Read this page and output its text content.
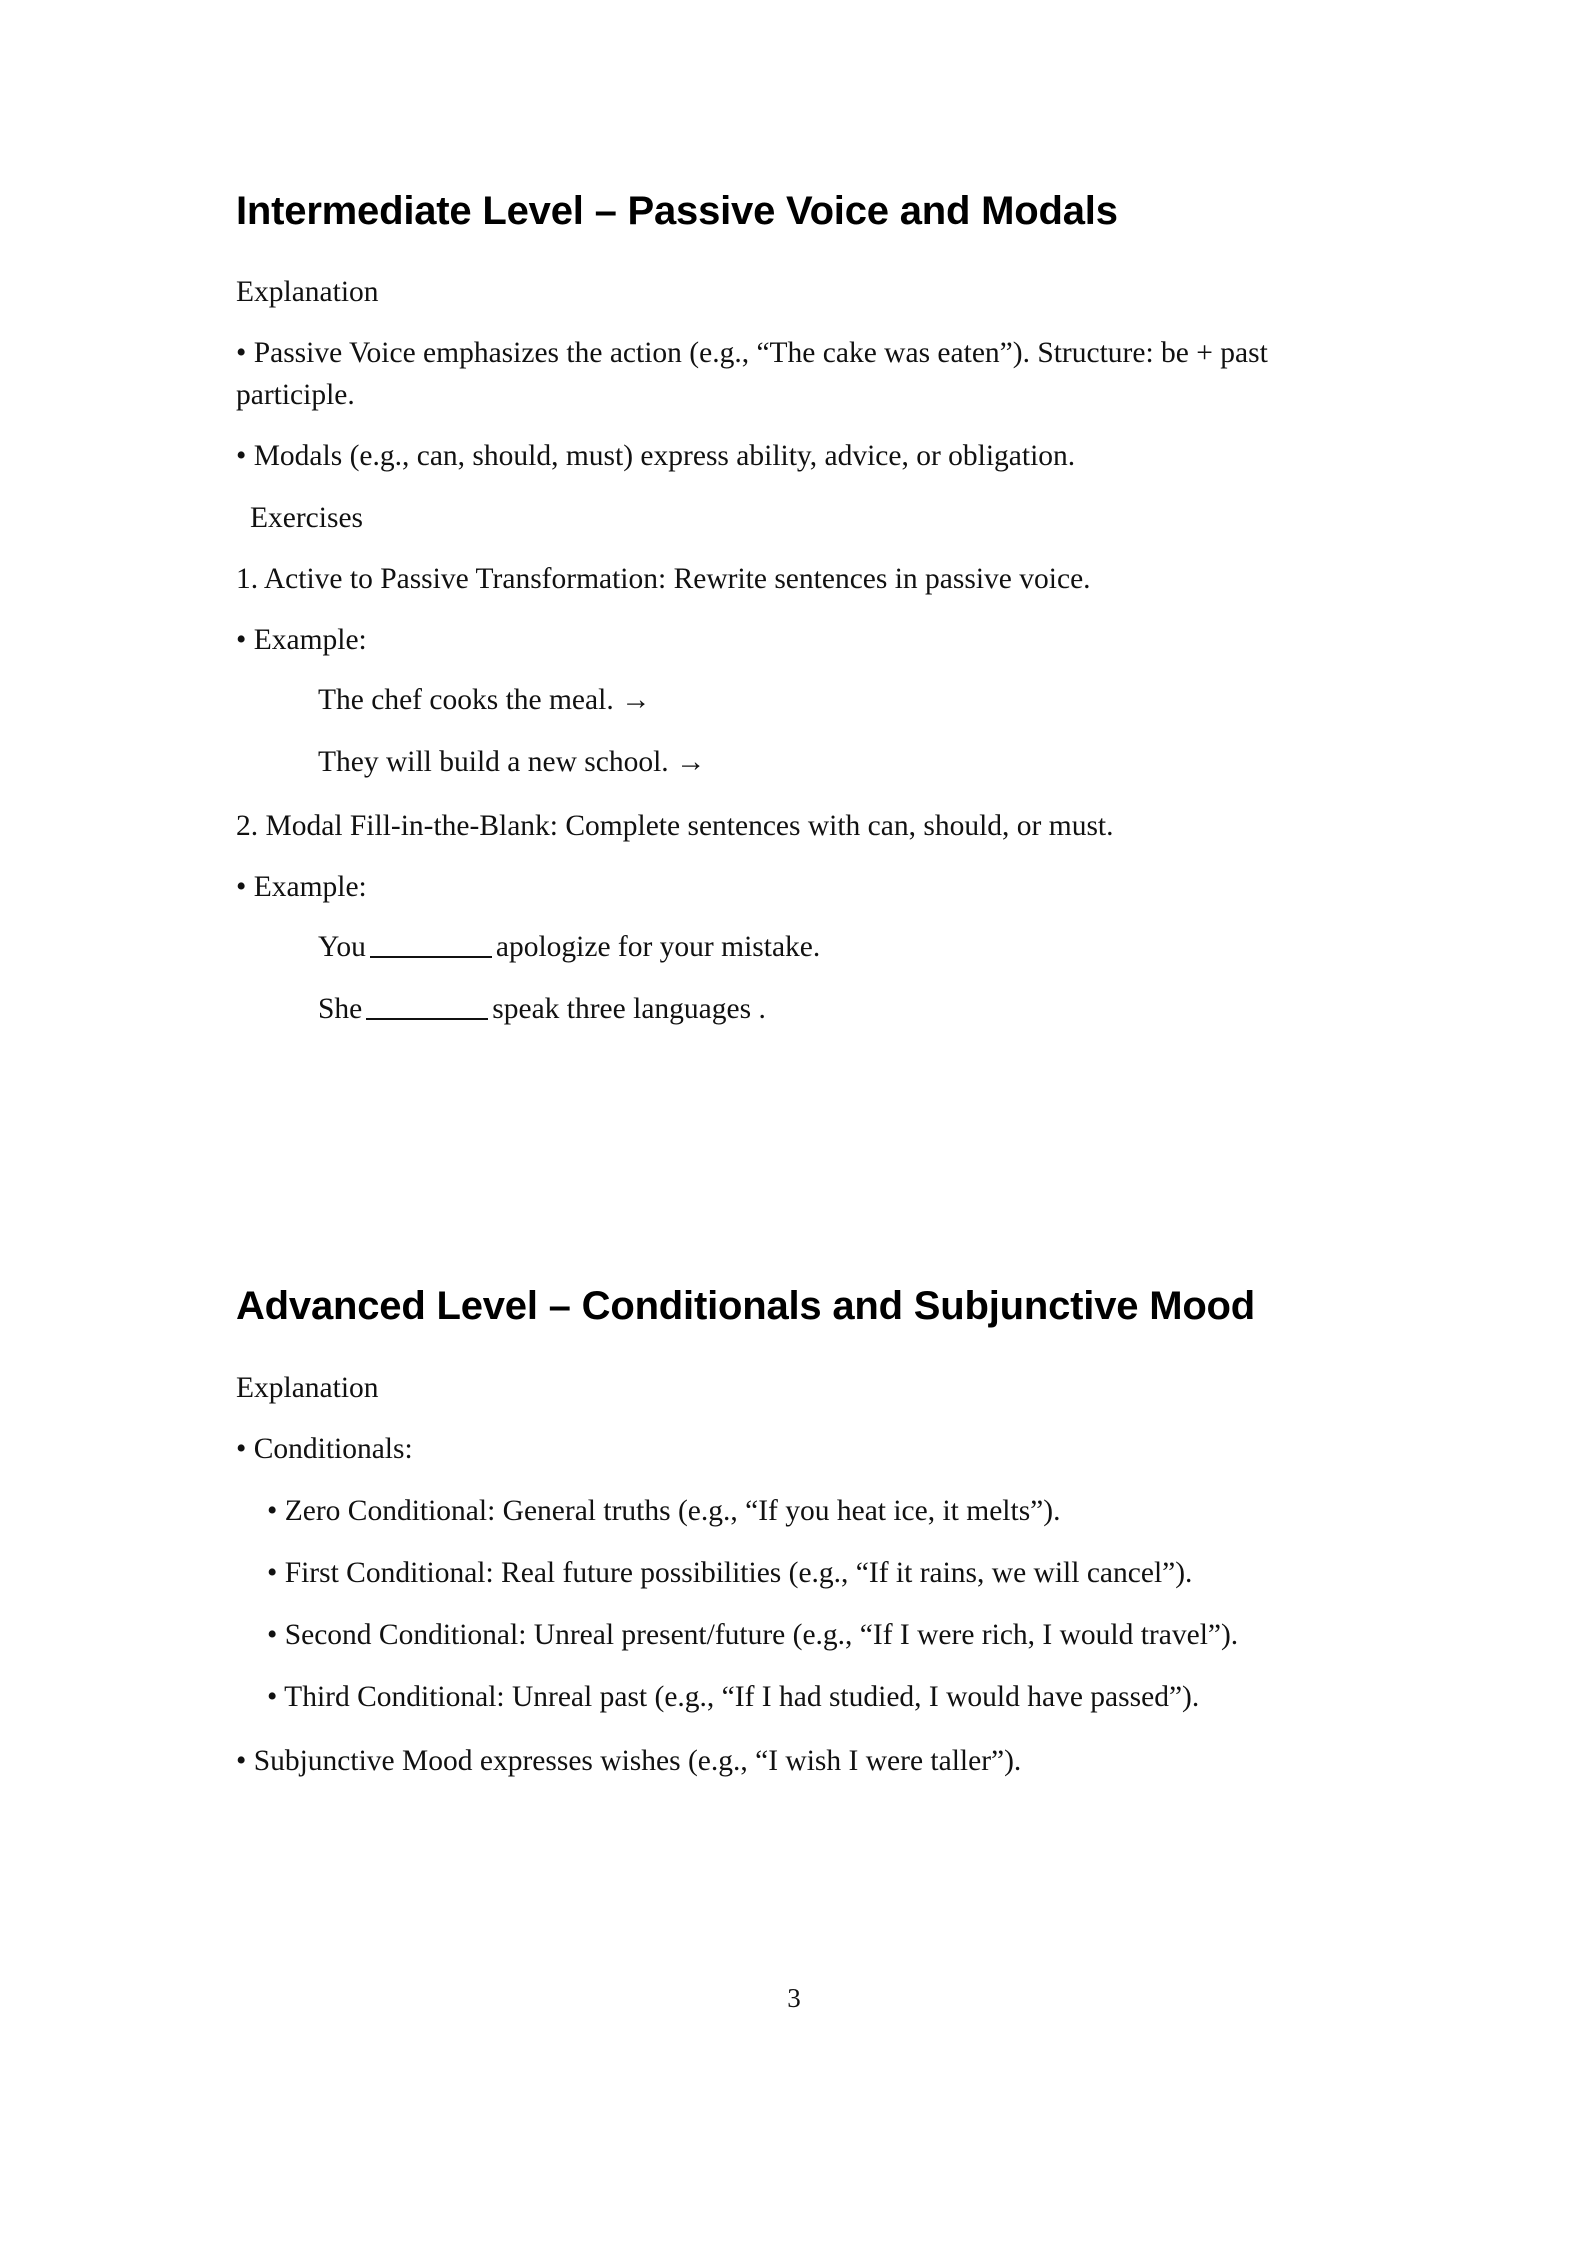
Intermediate Level – Passive Voice and Modals

Explanation

• Passive Voice emphasizes the action (e.g., “The cake was eaten”). Structure: be + past participle.

• Modals (e.g., can, should, must) express ability, advice, or obligation.

Exercises

1. Active to Passive Transformation: Rewrite sentences in passive voice.

• Example:

The chef cooks the meal. →

They will build a new school. →

2. Modal Fill-in-the-Blank: Complete sentences with can, should, or must.

• Example:

You	apologize for your mistake.

She	speak three languages .

Advanced Level – Conditionals and Subjunctive Mood

Explanation

• Conditionals:

• Zero Conditional: General truths (e.g., “If you heat ice, it melts”).

• First Conditional: Real future possibilities (e.g., “If it rains, we will cancel”).

• Second Conditional: Unreal present/future (e.g., “If I were rich, I would travel”).

• Third Conditional: Unreal past (e.g., “If I had studied, I would have passed”).

• Subjunctive Mood expresses wishes (e.g., “I wish I were taller”).

3
